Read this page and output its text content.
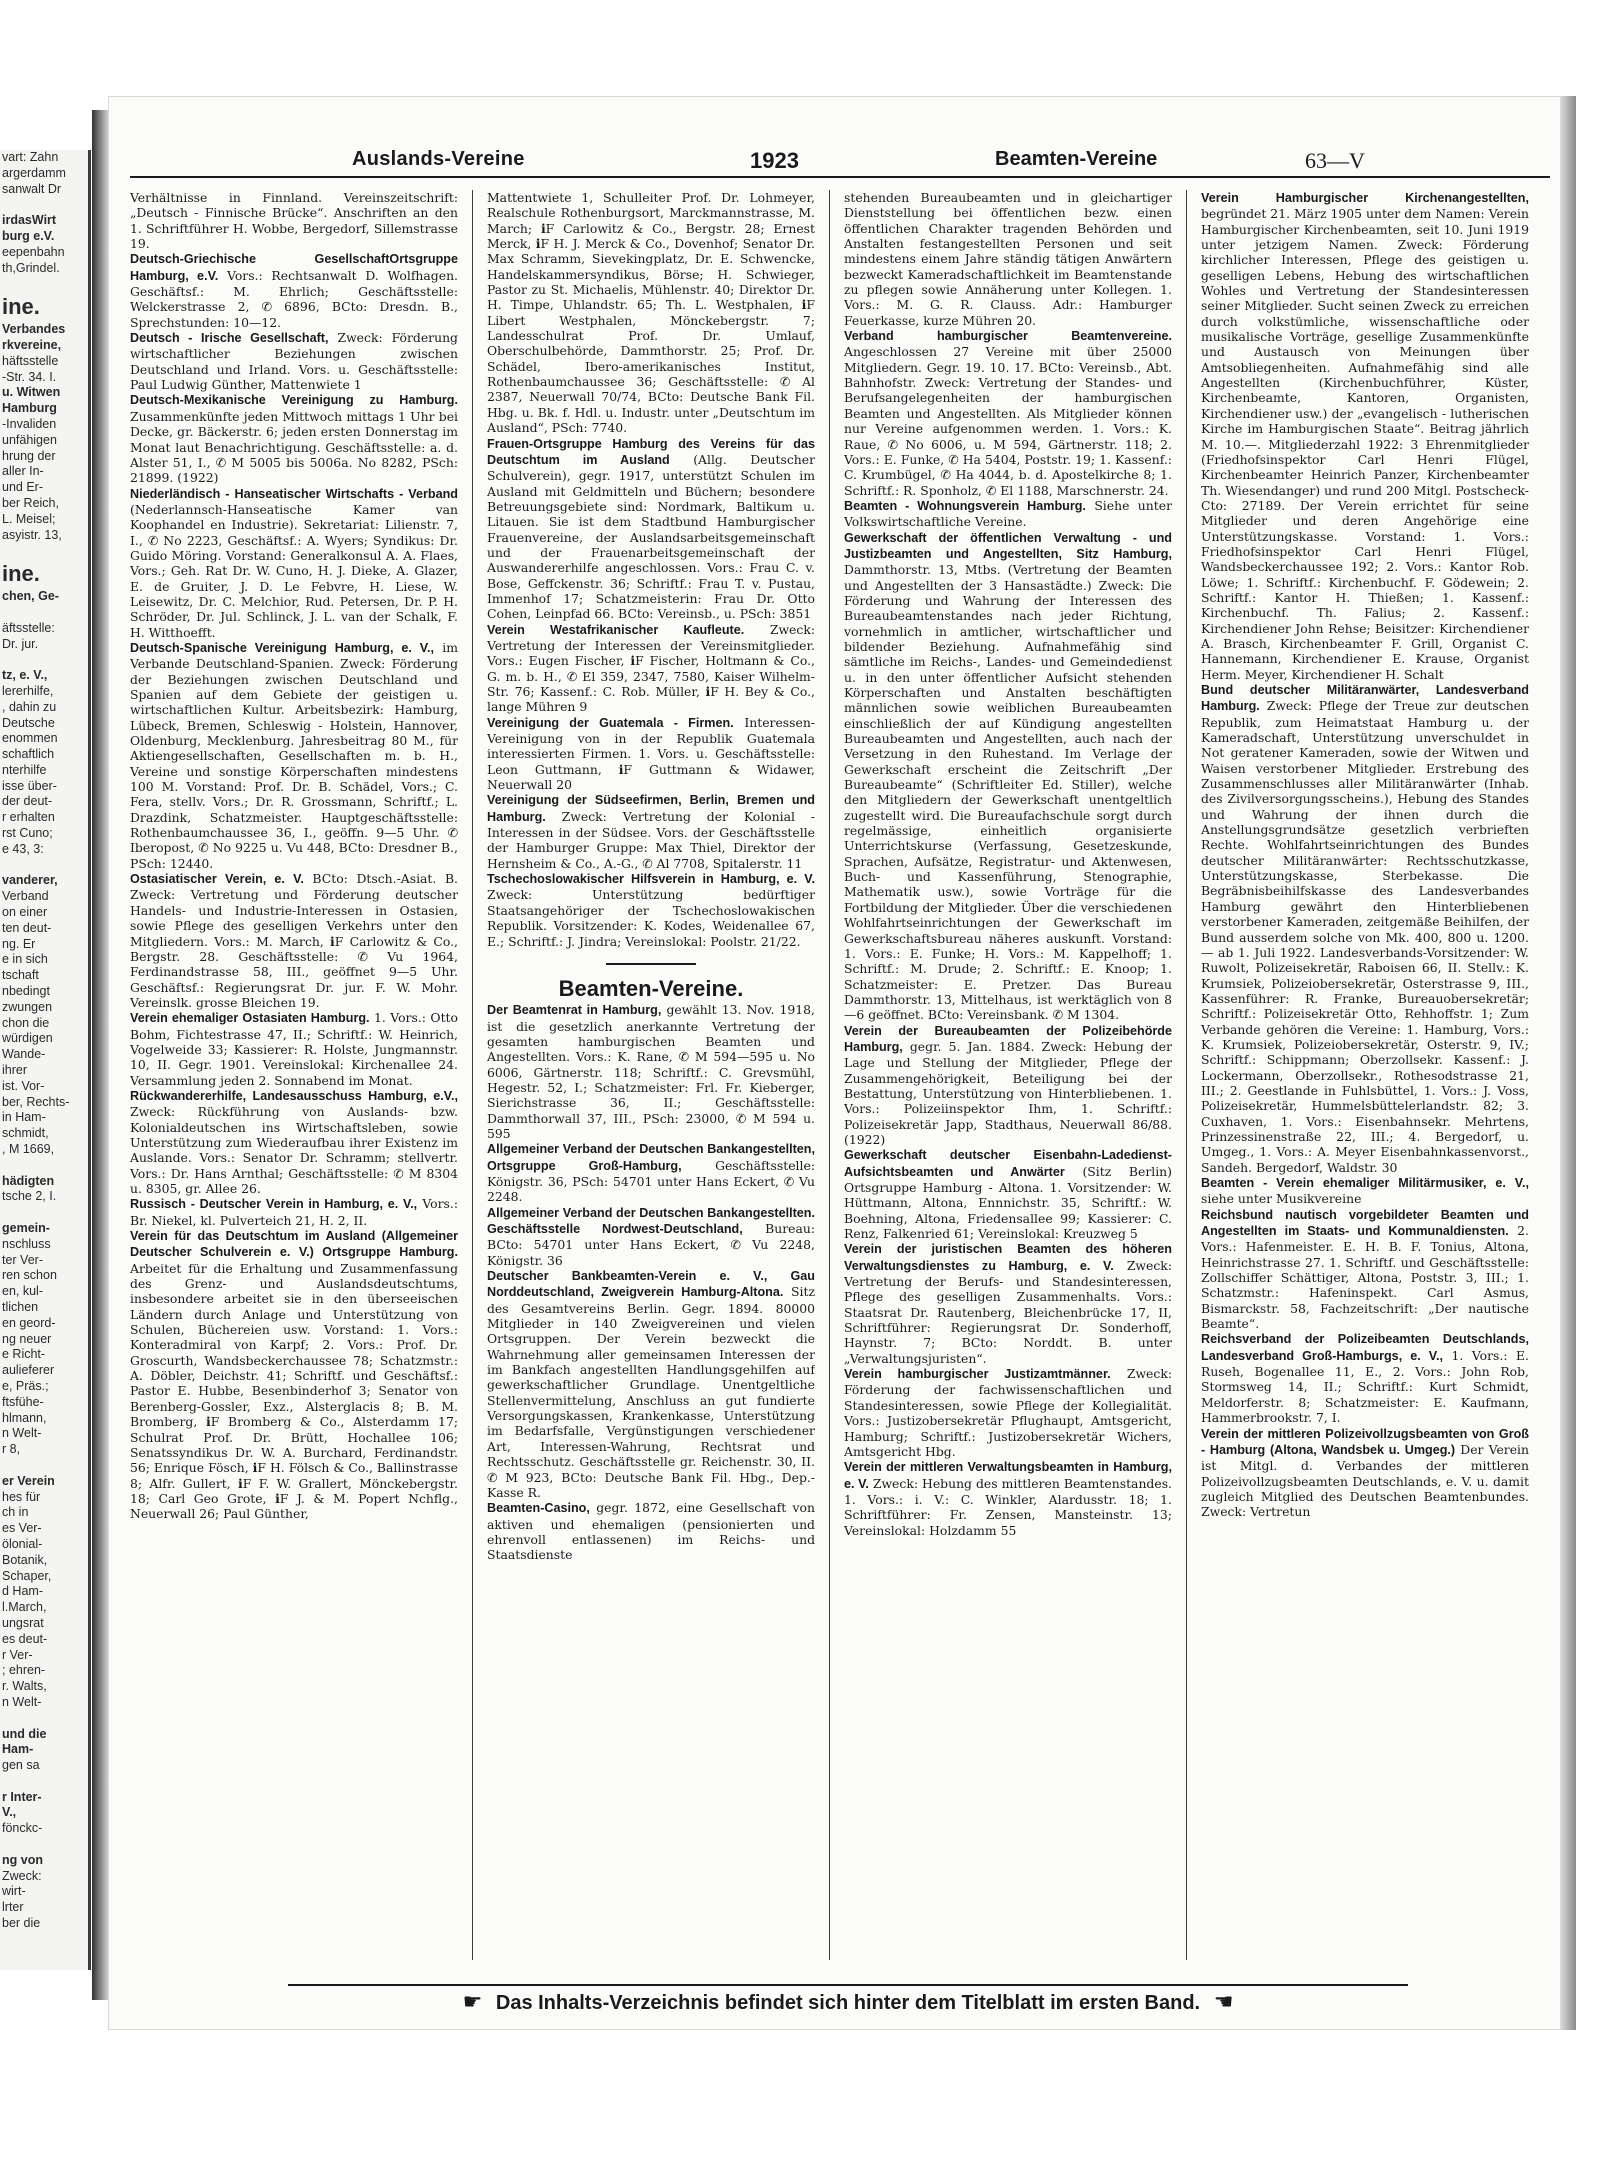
vart: Zahn
argerdamm
sanwalt Dr

irdasWirt
burg e.V.
eepenbahn
th,Grindel.

ine.
Verbandes
rkvereine,
häftsstelle
-Str. 34. I.
u. Witwen
Hamburg
-Invaliden
unfähigen
hrung der
aller In-
und Er-
ber Reich,
L. Meisel;
asyistr. 13,

ine.
chen, Ge-

äftsstelle:
Dr. jur.

tz, e. V.,
lererhilfe,
, dahin zu
Deutsche
enommen
schaftlich
nterhilfe
isse über-
der deut-
r erhalten
rst Cuno;
e 43, 3:

vanderer,
Verband
on einer
ten deut-
ng. Er
e in sich
tschaft
nbedingt
zwungen
chon die
würdigen
Wande-
ihrer
ist. Vor-
ber, Rechts-
in Ham-
schmidt,
, M 1669,

hädigten
tsche 2, I.

gemein-
nschluss
ter Ver-
ren schon
en, kul-
tlichen
en geord-
ng neuer
e Richt-
aulieferer
e, Präs.;
ftsfühe-
hlmann,
n Welt-
r 8,

er Verein
hes für
ch in
es Ver-
ölonial-
Botanik,
Schaper,
d Ham-
l.March,
ungsrat
es deut-
r Ver-
; ehren-
r. Walts,
n Welt-

und die
Ham-
gen sa

r Inter-
V.,
fönckc-

ng von
Zweck:
wirt-
lrter
ber die
Auslands-Vereine	1923	Beamten-Vereine	63—V
Verhältnisse in Finnland. Vereinszeitschrift: „Deutsch - Finnische Brücke“. Anschriften an den 1. Schriftführer H. Wobbe, Bergedorf, Sillemstrasse 19.
Deutsch-Griechische GesellschaftOrtsgruppe Hamburg, e.V. Vors.: Rechtsanwalt D. Wolfhagen. Geschäftsf.: M. Ehrlich; Geschäftsstelle: Welckerstrasse 2, ✆ 6896, BCto: Dresdn. B., Sprechstunden: 10—12.
Deutsch - Irische Gesellschaft, Zweck: Förderung wirtschaftlicher Beziehungen zwischen Deutschland und Irland. Vors. u. Geschäftsstelle: Paul Ludwig Günther, Mattenwiete 1
Deutsch-Mexikanische Vereinigung zu Hamburg. Zusammenkünfte jeden Mittwoch mittags 1 Uhr bei Decke, gr. Bäckerstr. 6; jeden ersten Donnerstag im Monat laut Benachrichtigung. Geschäftsstelle: a. d. Alster 51, I., ✆ M 5005 bis 5006a. No 8282, PSch: 21899. (1922)
Niederländisch - Hanseatischer Wirtschafts - Verband (Nederlannsch-Hanseatische Kamer van Koophandel en Industrie). Sekretariat: Lilienstr. 7, I., ✆ No 2223, Geschäftsf.: A. Wyers; Syndikus: Dr. Guido Möring. Vorstand: Generalkonsul A. A. Flaes, Vors.; Geh. Rat Dr. W. Cuno, H. J. Dieke, A. Glazer, E. de Gruiter, J. D. Le Febvre, H. Liese, W. Leisewitz, Dr. C. Melchior, Rud. Petersen, Dr. P. H. Schröder, Dr. Jul. Schlinck, J. L. van der Schalk, F. H. Witthoefft.
Deutsch-Spanische Vereinigung Hamburg, e. V., im Verbande Deutschland-Spanien. Zweck: Förderung der Beziehungen zwischen Deutschland und Spanien auf dem Gebiete der geistigen u. wirtschaftlichen Kultur. Arbeitsbezirk: Hamburg, Lübeck, Bremen, Schleswig - Holstein, Hannover, Oldenburg, Mecklenburg. Jahresbeitrag 80 M., für Aktiengesellschaften, Gesellschaften m. b. H., Vereine und sonstige Körperschaften mindestens 100 M. Vorstand: Prof. Dr. B. Schädel, Vors.; C. Fera, stellv. Vors.; Dr. R. Grossmann, Schriftf.; L. Drazdink, Schatzmeister. Hauptgeschäftsstelle: Rothenbaumchaussee 36, I., geöffn. 9—5 Uhr. ✆ Iberopost, ✆ No 9225 u. Vu 448, BCto: Dresdner B., PSch: 12440.
Ostasiatischer Verein, e. V. BCto: Dtsch.-Asiat. B. Zweck: Vertretung und Förderung deutscher Handels- und Industrie-Interessen in Ostasien, sowie Pflege des geselligen Verkehrs unter den Mitgliedern. Vors.: M. March, ℹF Carlowitz & Co., Bergstr. 28. Geschäftsstelle: ✆ Vu 1964, Ferdinandstrasse 58, III., geöffnet 9—5 Uhr. Geschäftsf.: Regierungsrat Dr. jur. F. W. Mohr. Vereinslk. grosse Bleichen 19.
Verein ehemaliger Ostasiaten Hamburg. 1. Vors.: Otto Bohm, Fichtestrasse 47, II.; Schriftf.: W. Heinrich, Vogelweide 33; Kassierer: R. Holste, Jungmannstr. 10, II. Gegr. 1901. Vereinslokal: Kirchenallee 24. Versammlung jeden 2. Sonnabend im Monat.
Rückwandererhilfe, Landesausschuss Hamburg, e.V., Zweck: Rückführung von Auslands- bzw. Kolonialdeutschen ins Wirtschaftsleben, sowie Unterstützung zum Wiederaufbau ihrer Existenz im Auslande. Vors.: Senator Dr. Schramm; stellvertr. Vors.: Dr. Hans Arnthal; Geschäftsstelle: ✆ M 8304 u. 8305, gr. Allee 26.
Russisch - Deutscher Verein in Hamburg, e. V., Vors.: Br. Niekel, kl. Pulverteich 21, H. 2, II.
Verein für das Deutschtum im Ausland (Allgemeiner Deutscher Schulverein e. V.) Ortsgruppe Hamburg. Arbeitet für die Erhaltung und Zusammenfassung des Grenz- und Auslandsdeutschtums, insbesondere arbeitet sie in den überseeischen Ländern durch Anlage und Unterstützung von Schulen, Büchereien usw. Vorstand: 1. Vors.: Konteradmiral von Karpf; 2. Vors.: Prof. Dr. Groscurth, Wandsbeckerchaussee 78; Schatzmstr.: A. Döbler, Deichstr. 41; Schriftf. und Geschäftsf.: Pastor E. Hubbe, Besenbinderhof 3; Senator von Berenberg-Gossler, Exz., Alsterglacis 8; B. M. Bromberg, ℹF Bromberg & Co., Alsterdamm 17; Schulrat Prof. Dr. Brütt, Hochallee 106; Senatssyndikus Dr. W. A. Burchard, Ferdinandstr. 56; Enrique Fösch, ℹF H. Fölsch & Co., Ballinstrasse 8; Alfr. Gullert, ℹF F. W. Grallert, Mönckebergstr. 18; Carl Geo Grote, ℹF J. & M. Popert Nchflg., Neuerwall 26; Paul Günther,
Mattentwiete 1, Schulleiter Prof. Dr. Lohmeyer, Realschule Rothenburgsort, Marckmannstrasse, M. March; ℹF Carlowitz & Co., Bergstr. 28; Ernest Merck, ℹF H. J. Merck & Co., Dovenhof; Senator Dr. Max Schramm, Sievekingplatz, Dr. E. Schwencke, Handelskammersyndikus, Börse; H. Schwieger, Pastor zu St. Michaelis, Mühlenstr. 40; Direktor Dr. H. Timpe, Uhlandstr. 65; Th. L. Westphalen, ℹF Libert Westphalen, Mönckebergstr. 7; Landesschulrat Prof. Dr. Umlauf, Oberschulbehörde, Dammthorstr. 25; Prof. Dr. Schädel, Ibero-amerikanisches Institut, Rothenbaumchaussee 36; Geschäftsstelle: ✆ Al 2387, Neuerwall 70/74, BCto: Deutsche Bank Fil. Hbg. u. Bk. f. Hdl. u. Industr. unter „Deutschtum im Ausland“, PSch: 7740.
Frauen-Ortsgruppe Hamburg des Vereins für das Deutschtum im Ausland (Allg. Deutscher Schulverein), gegr. 1917, unterstützt Schulen im Ausland mit Geldmitteln und Büchern; besondere Betreuungsgebiete sind: Nordmark, Baltikum u. Litauen. Sie ist dem Stadtbund Hamburgischer Frauenvereine, der Auslandsarbeitsgemeinschaft und der Frauenarbeitsgemeinschaft der Auswandererhilfe angeschlossen. Vors.: Frau C. v. Bose, Geffckenstr. 36; Schriftf.: Frau T. v. Pustau, Immenhof 17; Schatzmeisterin: Frau Dr. Otto Cohen, Leinpfad 66. BCto: Vereinsb., u. PSch: 3851
Verein Westafrikanischer Kaufleute. Zweck: Vertretung der Interessen der Vereinsmitglieder. Vors.: Eugen Fischer, ℹF Fischer, Holtmann & Co., G. m. b. H., ✆ El 359, 2347, 7580, Kaiser Wilhelm-Str. 76; Kassenf.: C. Rob. Müller, ℹF H. Bey & Co., lange Mühren 9
Vereinigung der Guatemala - Firmen. Interessen-Vereinigung von in der Republik Guatemala interessierten Firmen. 1. Vors. u. Geschäftsstelle: Leon Guttmann, ℹF Guttmann & Widawer, Neuerwall 20
Vereinigung der Südseefirmen, Berlin, Bremen und Hamburg. Zweck: Vertretung der Kolonial - Interessen in der Südsee. Vors. der Geschäftsstelle der Hamburger Gruppe: Max Thiel, Direktor der Hernsheim & Co., A.-G., ✆ Al 7708, Spitalerstr. 11
Tschechoslowakischer Hilfsverein in Hamburg, e. V. Zweck: Unterstützung bedürftiger Staatsangehöriger der Tschechoslowakischen Republik. Vorsitzender: K. Kodes, Weidenallee 67, E.; Schriftf.: J. Jindra; Vereinslokal: Poolstr. 21/22.
Beamten-Vereine.
Der Beamtenrat in Hamburg, gewählt 13. Nov. 1918, ist die gesetzlich anerkannte Vertretung der gesamten hamburgischen Beamten und Angestellten. Vors.: K. Rane, ✆ M 594—595 u. No 6006, Gärtnerstr. 118; Schriftf.: C. Grevsmühl, Hegestr. 52, I.; Schatzmeister: Frl. Fr. Kieberger, Sierichstrasse 36, II.; Geschäftsstelle: Dammthorwall 37, III., PSch: 23000, ✆ M 594 u. 595
Allgemeiner Verband der Deutschen Bankangestellten, Ortsgruppe Groß-Hamburg, Geschäftsstelle: Königstr. 36, PSch: 54701 unter Hans Eckert, ✆ Vu 2248.
Allgemeiner Verband der Deutschen Bankangestellten. Geschäftsstelle Nordwest-Deutschland, Bureau: BCto: 54701 unter Hans Eckert, ✆ Vu 2248, Königstr. 36
Deutscher Bankbeamten-Verein e. V., Gau Norddeutschland, Zweigverein Hamburg-Altona. Sitz des Gesamtvereins Berlin. Gegr. 1894. 80000 Mitglieder in 140 Zweigvereinen und vielen Ortsgruppen. Der Verein bezweckt die Wahrnehmung aller gemeinsamen Interessen der im Bankfach angestellten Handlungsgehilfen auf gewerkschaftlicher Grundlage. Unentgeltliche Stellenvermittelung, Anschluss an gut fundierte Versorgungskassen, Krankenkasse, Unterstützung im Bedarfsfalle, Vergünstigungen verschiedener Art, Interessen-Wahrung, Rechtsrat und Rechtsschutz. Geschäftsstelle gr. Reichenstr. 30, II. ✆ M 923, BCto: Deutsche Bank Fil. Hbg., Dep.-Kasse R.
Beamten-Casino, gegr. 1872, eine Gesellschaft von aktiven und ehemaligen (pensionierten und ehrenvoll entlassenen) im Reichs- und Staatsdienste
stehenden Bureaubeamten und in gleichartiger Dienststellung bei öffentlichen bezw. einen öffentlichen Charakter tragenden Behörden und Anstalten festangestellten Personen und seit mindestens einem Jahre ständig tätigen Anwärtern bezweckt Kameradschaftlichkeit im Beamtenstande zu pflegen sowie Annäherung unter Kollegen. 1. Vors.: M. G. R. Clauss. Adr.: Hamburger Feuerkasse, kurze Mühren 20.
Verband hamburgischer Beamtenvereine. Angeschlossen 27 Vereine mit über 25000 Mitgliedern. Gegr. 19. 10. 17. BCto: Vereinsb., Abt. Bahnhofstr. Zweck: Vertretung der Standes- und Berufsangelegenheiten der hamburgischen Beamten und Angestellten. Als Mitglieder können nur Vereine aufgenommen werden. 1. Vors.: K. Raue, ✆ No 6006, u. M 594, Gärtnerstr. 118; 2. Vors.: E. Funke, ✆ Ha 5404, Poststr. 19; 1. Kassenf.: C. Krumbügel, ✆ Ha 4044, b. d. Apostelkirche 8; 1. Schriftf.: R. Sponholz, ✆ El 1188, Marschnerstr. 24.
Beamten - Wohnungsverein Hamburg. Siehe unter Volkswirtschaftliche Vereine.
Gewerkschaft der öffentlichen Verwaltung - und Justizbeamten und Angestellten, Sitz Hamburg, Dammthorstr. 13, Mtbs. (Vertretung der Beamten und Angestellten der 3 Hansastädte.) Zweck: Die Förderung und Wahrung der Interessen des Bureaubeamtenstandes nach jeder Richtung, vornehmlich in amtlicher, wirtschaftlicher und bildender Beziehung. Aufnahmefähig sind sämtliche im Reichs-, Landes- und Gemeindedienst u. in den unter öffentlicher Aufsicht stehenden Körperschaften und Anstalten beschäftigten männlichen sowie weiblichen Bureaubeamten einschließlich der auf Kündigung angestellten Bureaubeamten und Angestellten, auch nach der Versetzung in den Ruhestand. Im Verlage der Gewerkschaft erscheint die Zeitschrift „Der Bureaubeamte“ (Schriftleiter Ed. Stiller), welche den Mitgliedern der Gewerkschaft unentgeltlich zugestellt wird. Die Bureaufachschule sorgt durch regelmässige, einheitlich organisierte Unterrichtskurse (Verfassung, Gesetzeskunde, Sprachen, Aufsätze, Registratur- und Aktenwesen, Buch- und Kassenführung, Stenographie, Mathematik usw.), sowie Vorträge für die Fortbildung der Mitglieder. Über die verschiedenen Wohlfahrtseinrichtungen der Gewerkschaft im Gewerkschaftsbureau näheres auskunft. Vorstand: 1. Vors.: E. Funke; H. Vors.: M. Kappelhoff; 1. Schriftf.: M. Drude; 2. Schriftf.: E. Knoop; 1. Schatzmeister: E. Pretzer. Das Bureau Dammthorstr. 13, Mittelhaus, ist werktäglich von 8—6 geöffnet. BCto: Vereinsbank. ✆ M 1304.
Verein der Bureaubeamten der Polizeibehörde Hamburg, gegr. 5. Jan. 1884. Zweck: Hebung der Lage und Stellung der Mitglieder, Pflege der Zusammengehörigkeit, Beteiligung bei der Bestattung, Unterstützung von Hinterbliebenen. 1. Vors.: Polizeiinspektor Ihm, 1. Schriftf.: Polizeisekretär Japp, Stadthaus, Neuerwall 86/88. (1922)
Gewerkschaft deutscher Eisenbahn-Ladedienst-Aufsichtsbeamten und Anwärter (Sitz Berlin) Ortsgruppe Hamburg - Altona. 1. Vorsitzender: W. Hüttmann, Altona, Ennnichstr. 35, Schriftf.: W. Boehning, Altona, Friedensallee 99; Kassierer: C. Renz, Falkenried 61; Vereinslokal: Kreuzweg 5
Verein der juristischen Beamten des höheren Verwaltungsdienstes zu Hamburg, e. V. Zweck: Vertretung der Berufs- und Standesinteressen, Pflege des geselligen Zusammenhalts. Vors.: Staatsrat Dr. Rautenberg, Bleichenbrücke 17, II, Schriftführer: Regierungsrat Dr. Sonderhoff, Haynstr. 7; BCto: Norddt. B. unter „Verwaltungsjuristen“.
Verein hamburgischer Justizamtmänner. Zweck: Förderung der fachwissenschaftlichen und Standesinteressen, sowie Pflege der Kollegialität. Vors.: Justizobersekretär Pflughaupt, Amtsgericht, Hamburg; Schriftf.: Justizobersekretär Wichers, Amtsgericht Hbg.
Verein der mittleren Verwaltungsbeamten in Hamburg, e. V. Zweck: Hebung des mittleren Beamtenstandes. 1. Vors.: i. V.: C. Winkler, Alardusstr. 18; 1. Schriftführer: Fr. Zensen, Mansteinstr. 13; Vereinslokal: Holzdamm 55
Verein Hamburgischer Kirchenangestellten, begründet 21. März 1905 unter dem Namen: Verein Hamburgischer Kirchenbeamten, seit 10. Juni 1919 unter jetzigem Namen. Zweck: Förderung kirchlicher Interessen, Pflege des geistigen u. geselligen Lebens, Hebung des wirtschaftlichen Wohles und Vertretung der Standesinteressen seiner Mitglieder. Sucht seinen Zweck zu erreichen durch volkstümliche, wissenschaftliche oder musikalische Vorträge, gesellige Zusammenkünfte und Austausch von Meinungen über Amtsobliegenheiten. Aufnahmefähig sind alle Angestellten (Kirchenbuchführer, Küster, Kirchenbeamte, Kantoren, Organisten, Kirchendiener usw.) der „evangelisch - lutherischen Kirche im Hamburgischen Staate“. Beitrag jährlich M. 10.—. Mitgliederzahl 1922: 3 Ehrenmitglieder (Friedhofsinspektor Carl Henri Flügel, Kirchenbeamter Heinrich Panzer, Kirchenbeamter Th. Wiesendanger) und rund 200 Mitgl. Postscheck-Cto: 27189. Der Verein errichtet für seine Mitglieder und deren Angehörige eine Unterstützungskasse. Vorstand: 1. Vors.: Friedhofsinspektor Carl Henri Flügel, Wandsbeckerchaussee 192; 2. Vors.: Kantor Rob. Löwe; 1. Schriftf.: Kirchenbuchf. F. Gödewein; 2. Schriftf.: Kantor H. Thießen; 1. Kassenf.: Kirchenbuchf. Th. Falius; 2. Kassenf.: Kirchendiener John Rehse; Beisitzer: Kirchendiener A. Brasch, Kirchenbeamter F. Grill, Organist C. Hannemann, Kirchendiener E. Krause, Organist Herm. Meyer, Kirchendiener H. Schalt
Bund deutscher Militäranwärter, Landesverband Hamburg. Zweck: Pflege der Treue zur deutschen Republik, zum Heimatstaat Hamburg u. der Kameradschaft, Unterstützung unverschuldet in Not geratener Kameraden, sowie der Witwen und Waisen verstorbener Mitglieder. Erstrebung des Zusammenschlusses aller Militäranwärter (Inhab. des Zivilversorgungsscheins.), Hebung des Standes und Wahrung der ihnen durch die Anstellungsgrundsätze gesetzlich verbrieften Rechte. Wohlfahrtseinrichtungen des Bundes deutscher Militäranwärter: Rechtsschutzkasse, Unterstützungskasse, Sterbekasse. Die Begräbnisbeihilfskasse des Landesverbandes Hamburg gewährt den Hinterbliebenen verstorbener Kameraden, zeitgemäße Beihilfen, der Bund ausserdem solche von Mk. 400, 800 u. 1200.— ab 1. Juli 1922. Landesverbands-Vorsitzender: W. Ruwolt, Polizeisekretär, Raboisen 66, II. Stellv.: K. Krumsiek, Polizeiobersekretär, Osterstrasse 9, III., Kassenführer: R. Franke, Bureauobersekretär; Schriftf.: Polizeisekretär Otto, Rehhoffstr. 1; Zum Verbande gehören die Vereine: 1. Hamburg, Vors.: K. Krumsiek, Polizeiobersekretär, Osterstr. 9, IV.; Schriftf.: Schippmann; Oberzollsekr. Kassenf.: J. Lockermann, Oberzollsekr., Rothesodstrasse 21, III.; 2. Geestlande in Fuhlsbüttel, 1. Vors.: J. Voss, Polizeisekretär, Hummelsbüttelerlandstr. 82; 3. Cuxhaven, 1. Vors.: Eisenbahnsekr. Mehrtens, Prinzessinenstraße 22, III.; 4. Bergedorf, u. Umgeg., 1. Vors.: A. Meyer Eisenbahnkassenvorst., Sandeh. Bergedorf, Waldstr. 30
Beamten - Verein ehemaliger Militärmusiker, e. V., siehe unter Musikvereine
Reichsbund nautisch vorgebildeter Beamten und Angestellten im Staats- und Kommunaldiensten. 2. Vors.: Hafenmeister. E. H. B. F. Tonius, Altona, Heinrichstrasse 27. 1. Schriftf. und Geschäftsstelle: Zollschiffer Schättiger, Altona, Poststr. 3, III.; 1. Schatzmstr.: Hafeninspekt. Carl Asmus, Bismarckstr. 58, Fachzeitschrift: „Der nautische Beamte“.
Reichsverband der Polizeibeamten Deutschlands, Landesverband Groß-Hamburgs, e. V., 1. Vors.: E. Ruseh, Bogenallee 11, E., 2. Vors.: John Rob, Stormsweg 14, II.; Schriftf.: Kurt Schmidt, Meldorferstr. 8; Schatzmeister: E. Kaufmann, Hammerbrookstr. 7, I.
Verein der mittleren Polizeivollzugsbeamten von Groß - Hamburg (Altona, Wandsbek u. Umgeg.) Der Verein ist Mitgl. d. Verbandes der mittleren Polizeivollzugsbeamten Deutschlands, e. V. u. damit zugleich Mitglied des Deutschen Beamtenbundes. Zweck: Vertretun
☛ Das Inhalts-Verzeichnis befindet sich hinter dem Titelblatt im ersten Band. ☚
